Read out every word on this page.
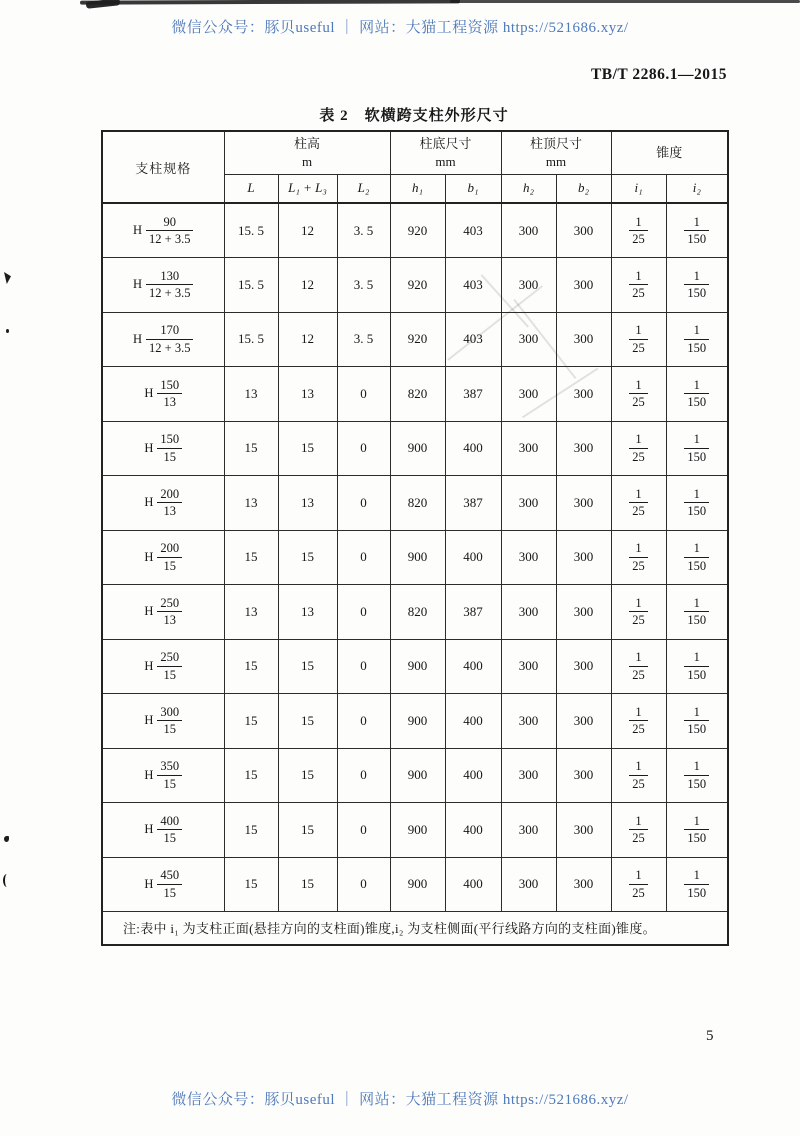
微信公众号：豚贝useful ｜ 网站：大猫工程资源 https://521686.xyz/
TB/T 2286.1—2015
表 2　软横跨支柱外形尺寸
支柱规格	
柱高
m

柱底尺寸
mm

柱顶尺寸
mm

锥度

	L	L₁ + L₃	L₂	h₁	b₁	h₂	b₂	i₁	i₂

H $\frac{90}{12 + 3.5}$	15. 5	12	3. 5	920	403	300	300	$\frac{1}{25}$	$\frac{1}{150}$

H $\frac{130}{12 + 3.5}$	15. 5	12	3. 5	920	403	300	300	$\frac{1}{25}$	$\frac{1}{150}$

H $\frac{170}{12 + 3.5}$	15. 5	12	3. 5	920	403	300	300	$\frac{1}{25}$	$\frac{1}{150}$

H $\frac{150}{13}$	13	13	0	820	387	300	300	$\frac{1}{25}$	$\frac{1}{150}$

H $\frac{150}{15}$	15	15	0	900	400	300	300	$\frac{1}{25}$	$\frac{1}{150}$

H $\frac{200}{13}$	13	13	0	820	387	300	300	$\frac{1}{25}$	$\frac{1}{150}$

H $\frac{200}{15}$	15	15	0	900	400	300	300	$\frac{1}{25}$	$\frac{1}{150}$

H $\frac{250}{13}$	13	13	0	820	387	300	300	$\frac{1}{25}$	$\frac{1}{150}$

H $\frac{250}{15}$	15	15	0	900	400	300	300	$\frac{1}{25}$	$\frac{1}{150}$

H $\frac{300}{15}$	15	15	0	900	400	300	300	$\frac{1}{25}$	$\frac{1}{150}$

H $\frac{350}{15}$	15	15	0	900	400	300	300	$\frac{1}{25}$	$\frac{1}{150}$

H $\frac{400}{15}$	15	15	0	900	400	300	300	$\frac{1}{25}$	$\frac{1}{150}$

H $\frac{450}{15}$	15	15	0	900	400	300	300	$\frac{1}{25}$	$\frac{1}{150}$

注:表中 i₁ 为支柱正面(悬挂方向的支柱面)锥度,i₂ 为支柱侧面(平行线路方向的支柱面)锥度。									
5
微信公众号：豚贝useful ｜ 网站：大猫工程资源 https://521686.xyz/
